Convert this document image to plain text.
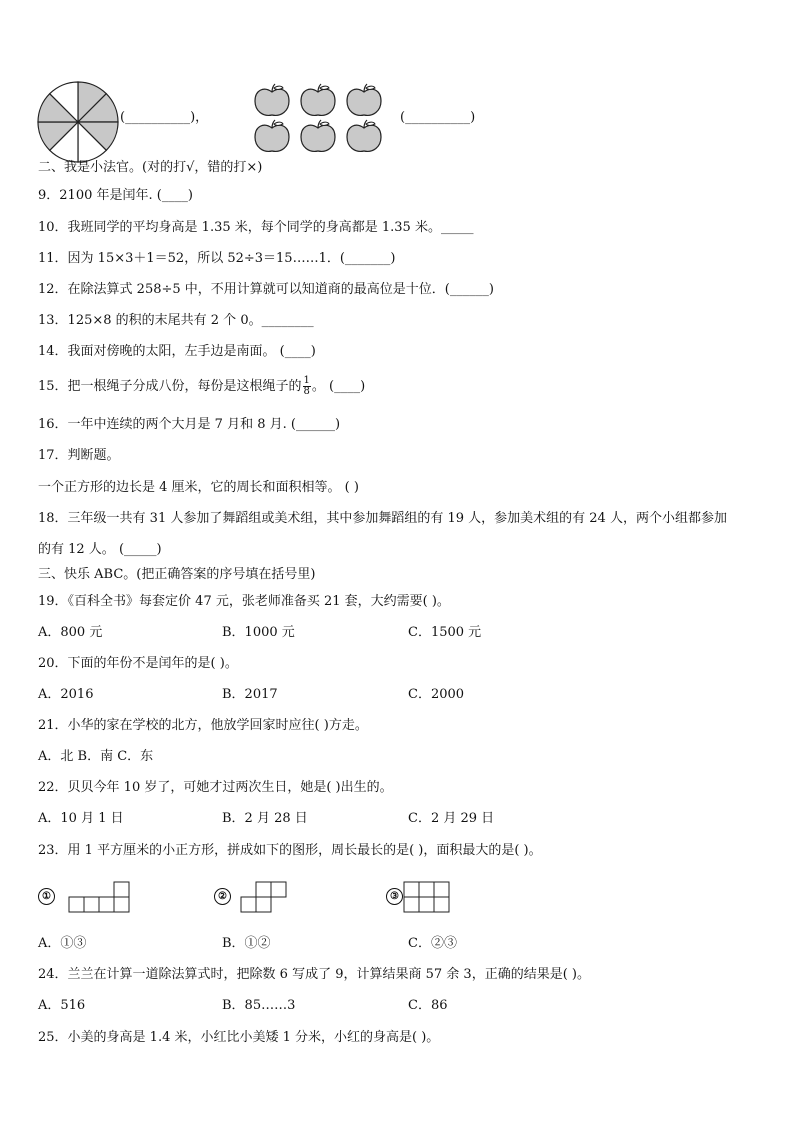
(__________)，	(__________)
二、我是小法官。(对的打√，错的打×)
9．2100 年是闰年. (____)
10．我班同学的平均身高是 1.35 米，每个同学的身高都是 1.35 米。_____
11．因为 15×3＋1＝52，所以 52÷3＝15……1．(_______)
12．在除法算式 258÷5 中，不用计算就可以知道商的最高位是十位．(______)
13．125×8 的积的末尾共有 2 个 0。________
14．我面对傍晚的太阳，左手边是南面。 (____)
15．把一根绳子分成八份，每份是这根绳子的 $\frac{1}{8}$ 。 (____)
16．一年中连续的两个大月是 7 月和 8 月. (______)
17．判断题。
一个正方形的边长是 4 厘米，它的周长和面积相等。 ( )
18．三年级一共有 31 人参加了舞蹈组或美术组，其中参加舞蹈组的有 19 人，参加美术组的有 24 人，两个小组都参加
的有 12 人。 (_____)
三、快乐 ABC。(把正确答案的序号填在括号里)
19．《百科全书》每套定价 47 元，张老师准备买 21 套，大约需要( )。
A．800 元	B．1000 元	C．1500 元
20．下面的年份不是闰年的是( )。
A．2016	B．2017	C．2000
21．小华的家在学校的北方，他放学回家时应往( )方走。
A．北 B．南 C．东
22．贝贝今年 10 岁了，可她才过两次生日，她是( )出生的。
A．10 月 1 日	B．2 月 28 日	C．2 月 29 日
23．用 1 平方厘米的小正方形，拼成如下的图形，周长最长的是( )，面积最大的是( )。
①	②	③
A．①③	B．①②	C．②③
24．兰兰在计算一道除法算式时，把除数 6 写成了 9，计算结果商 57 余 3，正确的结果是( )。
A．516	B．85……3	C．86
25．小美的身高是 1.4 米，小红比小美矮 1 分米，小红的身高是( )。
